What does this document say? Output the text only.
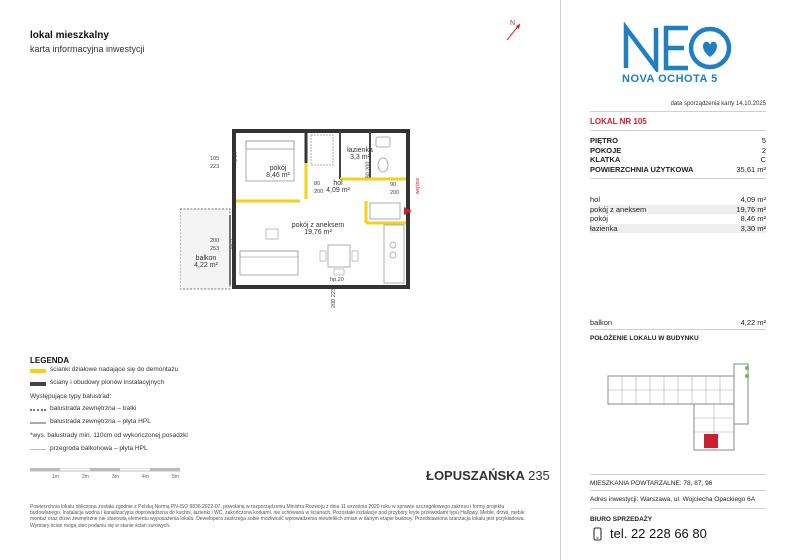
lokal mieszkalny
karta informacyjna inwestycji
N
NOVA OCHOTA 5
data sporządzenia karty 14.10.2025
LOKAL NR 105
PIĘTRO	5
POKOJE	2
KLATKA	C
POWIERZCHNIA UŻYTKOWA	35,61 m²
hol	4,09 m²
pokój z aneksem	19,76 m²
pokój	8,46 m²
łazienka	3,30 m²
balkon	4,22 m²
POŁOŻENIE LOKALU W BUDYNKU
MIESZKANIA POWTARZALNE: 78, 87, 96
Adres inwestycji: Warszawa, ul. Wojciecha Opackiego 6A
BIURO SPRZEDAŻY
tel. 22 228 66 80
pokój
8,46 m²
łazienka
3,3 m²
hol
4,09 m²
pokój z aneksem
19,76 m²
balkon
4,22 m²
105
223
hp.20
80
200
80 200
90
200
200
253
hp.0
hp.20
200 223
wejście
LEGENDA
ścianki działowe nadające się do demontażu
ściany i obudowy pionów instalacyjnych
Występujące typy balustrad:
balustrada zewnętrzna – tralki
balustrada zewnętrzna – płyta HPL
*wys. balustrady min. 110cm od wykończonej posadzki
przegroda balkonowa – płyta HPL
1m	2m	3m	4m	5m	ŁOPUSZAŃSKA 235
Powierzchnia lokalu obliczona została zgodnie z Polską Normą PN-ISO 9836:2022-07, powołaną w rozporządzeniu Ministra Rozwoju z dnia 11 września 2020 roku w sprawie szczegółowego zakresu i formy projektu budowlanego. Instalacja wodna i kanalizacyjna doprowadzona do kuchni, łazienki i WC, zakończona korkami, nie schowana w ścianach. Pozostałe instalacje pod przybory kryte przewodami typu Hallowy. Meble, drzwi, meble montaż oraz drzwi zewnętrzne nie stanowią elementu wyposażenia lokalu. Dewelopera zastrzega sobie możliwość wprowadzenia niewielkich zmian w danym etapie budowy. Przedstawiona aranżacja lokalu jest przykładowa. Wymiary ścian mogą ulec podaniu się w stanie ścian surowych.
